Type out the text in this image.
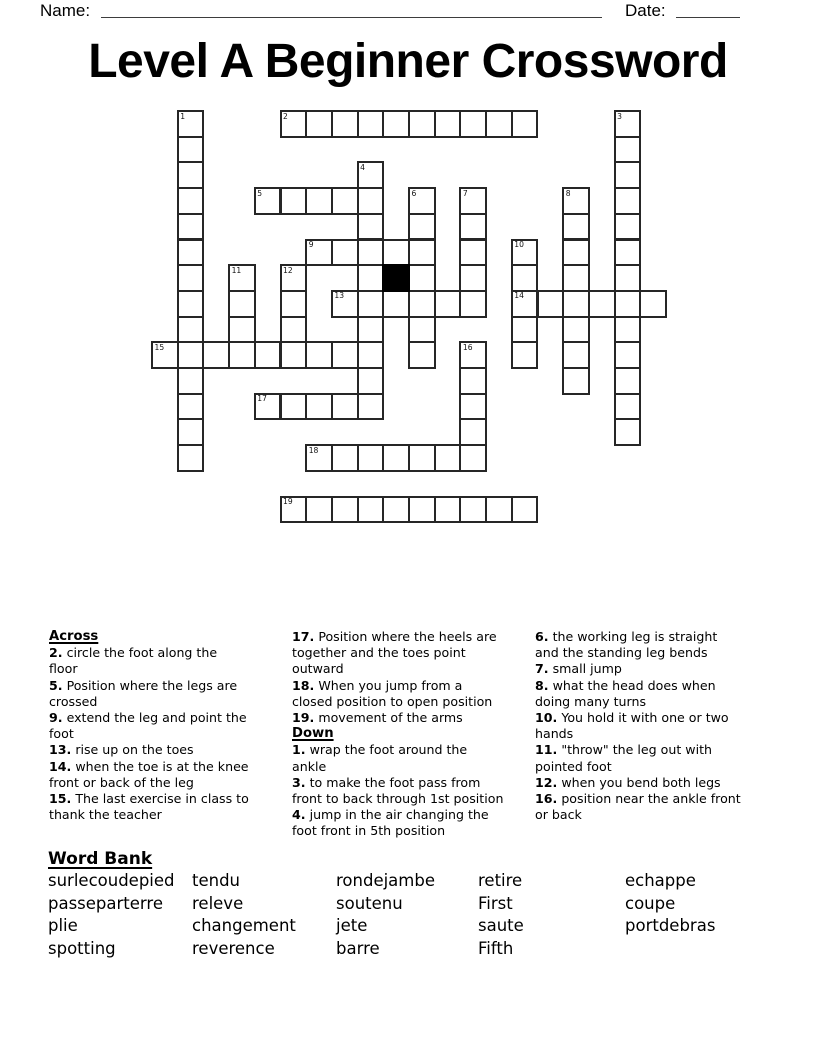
Name:	Date:
Level A Beginner Crossword
1	2	3
4
5	6	7	8
9	10
14
11	12
13
15	16
17
18
19
Across
2. circle the foot along the
floor
5. Position where the legs are
crossed
9. extend the leg and point the
foot
13. rise up on the toes
14. when the toe is at the knee
front or back of the leg
15. The last exercise in class to
thank the teacher
17. Position where the heels are
together and the toes point
outward
18. When you jump from a
closed position to open position
19. movement of the arms
Down
1. wrap the foot around the
ankle
3. to make the foot pass from
front to back through 1st position
4. jump in the air changing the
foot front in 5th position
6. the working leg is straight
and the standing leg bends
7. small jump
8. what the head does when
doing many turns
10. You hold it with one or two
hands
11. "throw" the leg out with
pointed foot
12. when you bend both legs
16. position near the ankle front
or back
Word Bank
surlecoudepied
passeparterre
plie
spotting
tendu
releve
changement
reverence
rondejambe
soutenu
jete
barre
retire
First
saute
Fifth
echappe
coupe
portdebras
